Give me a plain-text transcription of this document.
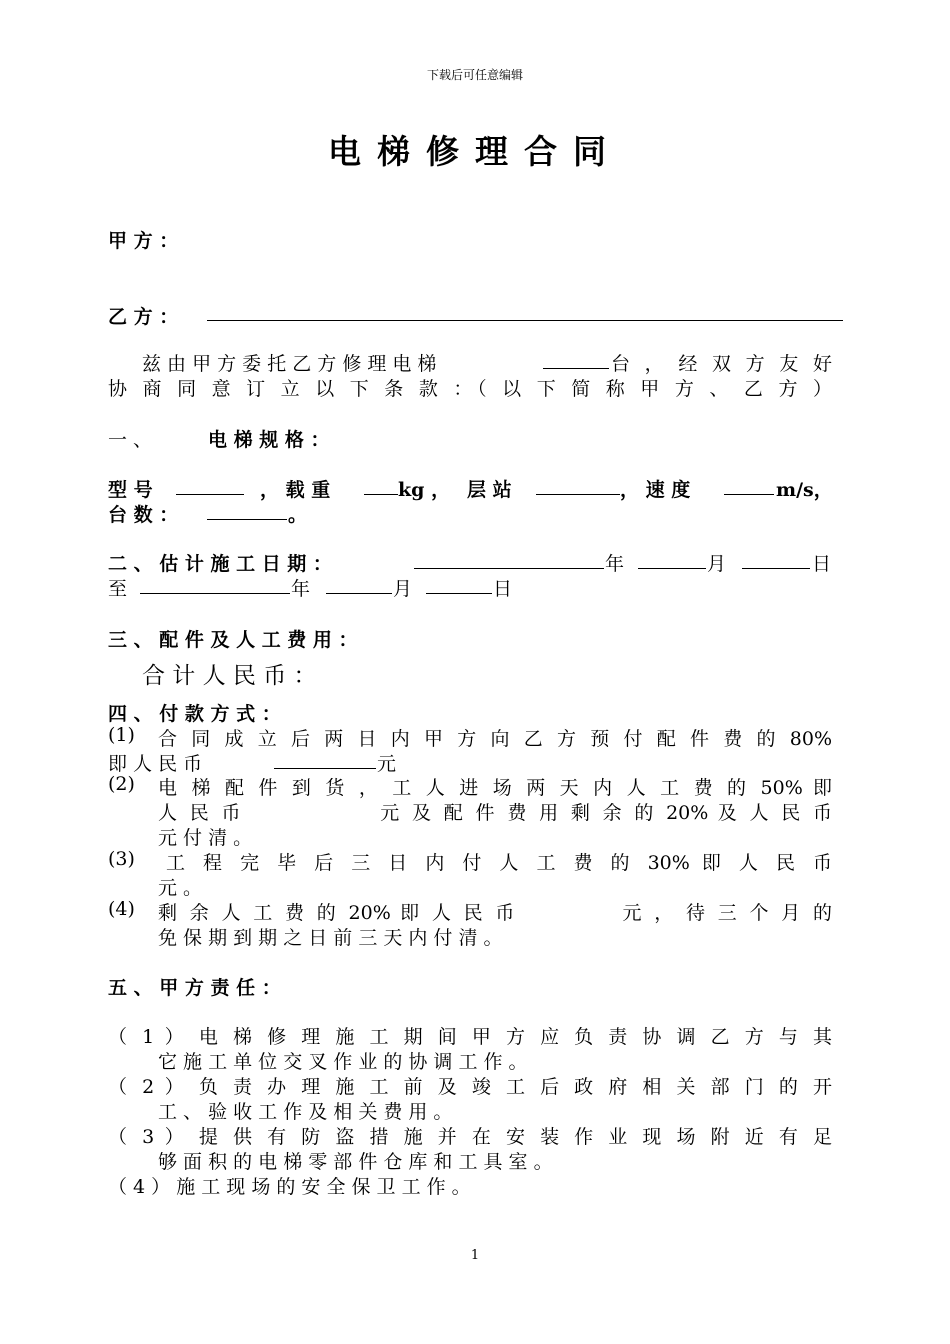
下载后可任意编辑
电梯修理合同
甲 方 ：
乙 方 ：
兹 由 甲 方 委 托 乙 方 修 理 电 梯	台 ， 经 双 方 友 好
协 商 同 意 订 立 以 下 条 款 ：（ 以 下 简 称 甲 方 、 乙 方 ）
一 、	电 梯 规 格 ：
型 号	， 载 重	kg ， 层 站	， 速 度	m/s，
台 数 ：	。
二 、 估 计 施 工 日 期 ：	年	月	日
至	年	月	日
三 、 配 件 及 人 工 费 用 ：
合 计 人 民 币 ：
四 、 付 款 方 式 ：
(1) 合 同 成 立 后 两 日 内 甲 方 向 乙 方 预 付 配 件 费 的 80%
即 人 民 币	元
(2) 电 梯 配 件 到 货 ， 工 人 进 场 两 天 内 人 工 费 的 50% 即
人 民 币 　 　 　 　 元 及 配 件 费 用 剩 余 的 20% 及 人 民 币
元 付 清 。
(3) 工 程 完 毕 后 三 日 内 付 人 工 费 的 30% 即 人 民 币
元 。
(4) 剩 余 人 工 费 的 20% 即 人 民 币 　 　 　 元 ， 待 三 个 月 的
免 保 期 到 期 之 日 前 三 天 内 付 清 。
五 、 甲 方 责 任 ：
（ 1 ） 电 梯 修 理 施 工 期 间 甲 方 应 负 责 协 调 乙 方 与 其
它 施 工 单 位 交 叉 作 业 的 协 调 工 作 。
（ 2 ） 负 责 办 理 施 工 前 及 竣 工 后 政 府 相 关 部 门 的 开
工 、 验 收 工 作 及 相 关 费 用 。
（ 3 ） 提 供 有 防 盗 措 施 并 在 安 装 作 业 现 场 附 近 有 足
够 面 积 的 电 梯 零 部 件 仓 库 和 工 具 室 。
（ 4 ） 施 工 现 场 的 安 全 保 卫 工 作 。
1
